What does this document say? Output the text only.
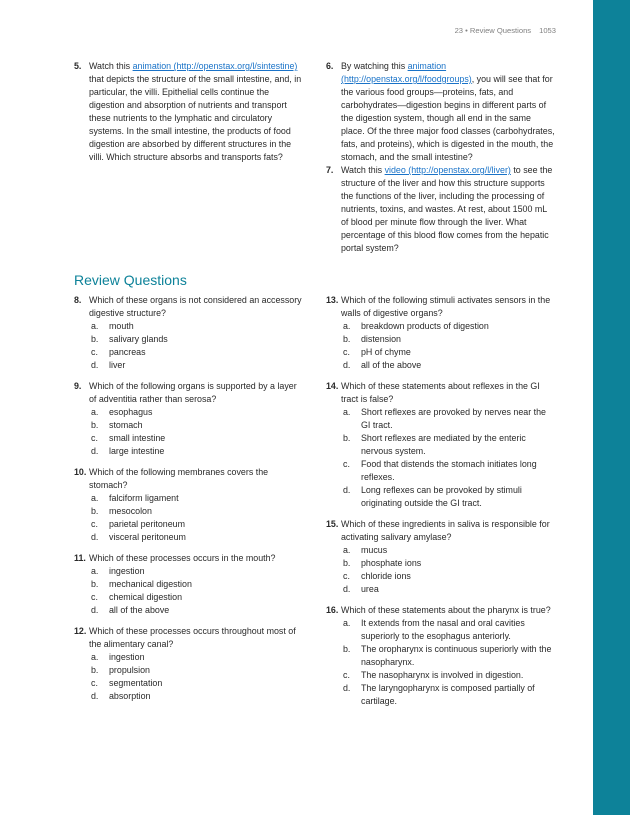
23 • Review Questions 1053
5. Watch this animation (http://openstax.org/l/sintestine) that depicts the structure of the small intestine, and, in particular, the villi. Epithelial cells continue the digestion and absorption of nutrients and transport these nutrients to the lymphatic and circulatory systems. In the small intestine, the products of food digestion are absorbed by different structures in the villi. Which structure absorbs and transports fats?
6. By watching this animation (http://openstax.org/l/foodgroups), you will see that for the various food groups—proteins, fats, and carbohydrates—digestion begins in different parts of the digestion system, though all end in the same place. Of the three major food classes (carbohydrates, fats, and proteins), which is digested in the mouth, the stomach, and the small intestine?
7. Watch this video (http://openstax.org/l/liver) to see the structure of the liver and how this structure supports the functions of the liver, including the processing of nutrients, toxins, and wastes. At rest, about 1500 mL of blood per minute flow through the liver. What percentage of this blood flow comes from the hepatic portal system?
Review Questions
8. Which of these organs is not considered an accessory digestive structure?
a.	mouth
b.	salivary glands
c.	pancreas
d.	liver
9. Which of the following organs is supported by a layer of adventitia rather than serosa?
a.	esophagus
b.	stomach
c.	small intestine
d.	large intestine
10. Which of the following membranes covers the stomach?
a.	falciform ligament
b.	mesocolon
c.	parietal peritoneum
d.	visceral peritoneum
11. Which of these processes occurs in the mouth?
a.	ingestion
b.	mechanical digestion
c.	chemical digestion
d.	all of the above
12. Which of these processes occurs throughout most of the alimentary canal?
a.	ingestion
b.	propulsion
c.	segmentation
d.	absorption
13. Which of the following stimuli activates sensors in the walls of digestive organs?
a.	breakdown products of digestion
b.	distension
c.	pH of chyme
d.	all of the above
14. Which of these statements about reflexes in the GI tract is false?
a.	Short reflexes are provoked by nerves near the GI tract.
b.	Short reflexes are mediated by the enteric nervous system.
c.	Food that distends the stomach initiates long reflexes.
d.	Long reflexes can be provoked by stimuli originating outside the GI tract.
15. Which of these ingredients in saliva is responsible for activating salivary amylase?
a.	mucus
b.	phosphate ions
c.	chloride ions
d.	urea
16. Which of these statements about the pharynx is true?
a.	It extends from the nasal and oral cavities superiorly to the esophagus anteriorly.
b.	The oropharynx is continuous superiorly with the nasopharynx.
c.	The nasopharynx is involved in digestion.
d.	The laryngopharynx is composed partially of cartilage.
